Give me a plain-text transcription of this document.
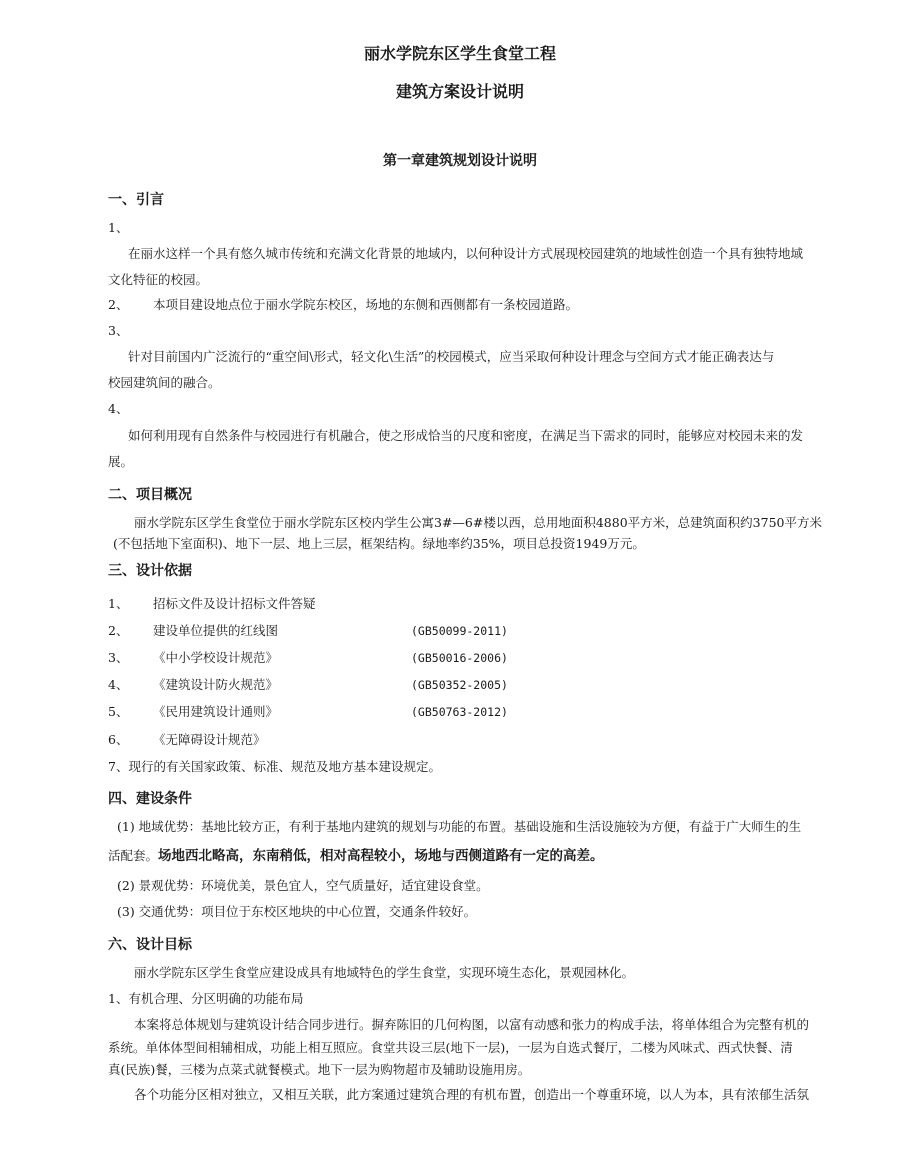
丽水学院东区学生食堂工程
建筑方案设计说明
第一章建筑规划设计说明
一、引言
1、
在丽水这样一个具有悠久城市传统和充满文化背景的地域内，以何种设计方式展现校园建筑的地域性创造一个具有独特地域
文化特征的校园。
2、 本项目建设地点位于丽水学院东校区，场地的东侧和西侧都有一条校园道路。
3、
针对目前国内广泛流行的“重空间\形式，轻文化\生活”的校园模式，应当采取何种设计理念与空间方式才能正确表达与
校园建筑间的融合。
4、
如何利用现有自然条件与校园进行有机融合，使之形成恰当的尺度和密度，在满足当下需求的同时，能够应对校园未来的发
展。
二、项目概况
丽水学院东区学生食堂位于丽水学院东区校内学生公寓3#—6#楼以西，总用地面积4880平方米，总建筑面积约3750平方米
(不包括地下室面积)、地下一层、地上三层，框架结构。绿地率约35%，项目总投资1949万元。
三、设计依据
1、 招标文件及设计招标文件答疑
2、 建设单位提供的红线图	(GB50099-2011)
3、 《中小学校设计规范》	(GB50016-2006)
4、 《建筑设计防火规范》	(GB50352-2005)
5、 《民用建筑设计通则》	(GB50763-2012)
6、 《无障碍设计规范》
7、现行的有关国家政策、标准、规范及地方基本建设规定。
四、建设条件
(1) 地域优势：基地比较方正，有利于基地内建筑的规划与功能的布置。基础设施和生活设施较为方便，有益于广大师生的生
活配套。场地西北略高，东南稍低，相对高程较小，场地与西侧道路有一定的高差。
(2) 景观优势：环境优美，景色宜人，空气质量好，适宜建设食堂。
(3) 交通优势：项目位于东校区地块的中心位置，交通条件较好。
六、设计目标
丽水学院东区学生食堂应建设成具有地域特色的学生食堂，实现环境生态化，景观园林化。
1、有机合理、分区明确的功能布局
本案将总体规划与建筑设计结合同步进行。摒弃陈旧的几何构图，以富有动感和张力的构成手法，将单体组合为完整有机的
系统。单体体型间相辅相成，功能上相互照应。食堂共设三层(地下一层)，一层为自选式餐厅，二楼为风味式、西式快餐、清
真(民族)餐，三楼为点菜式就餐模式。地下一层为购物超市及辅助设施用房。
各个功能分区相对独立，又相互关联，此方案通过建筑合理的有机布置，创造出一个尊重环境，以人为本，具有浓郁生活氛
